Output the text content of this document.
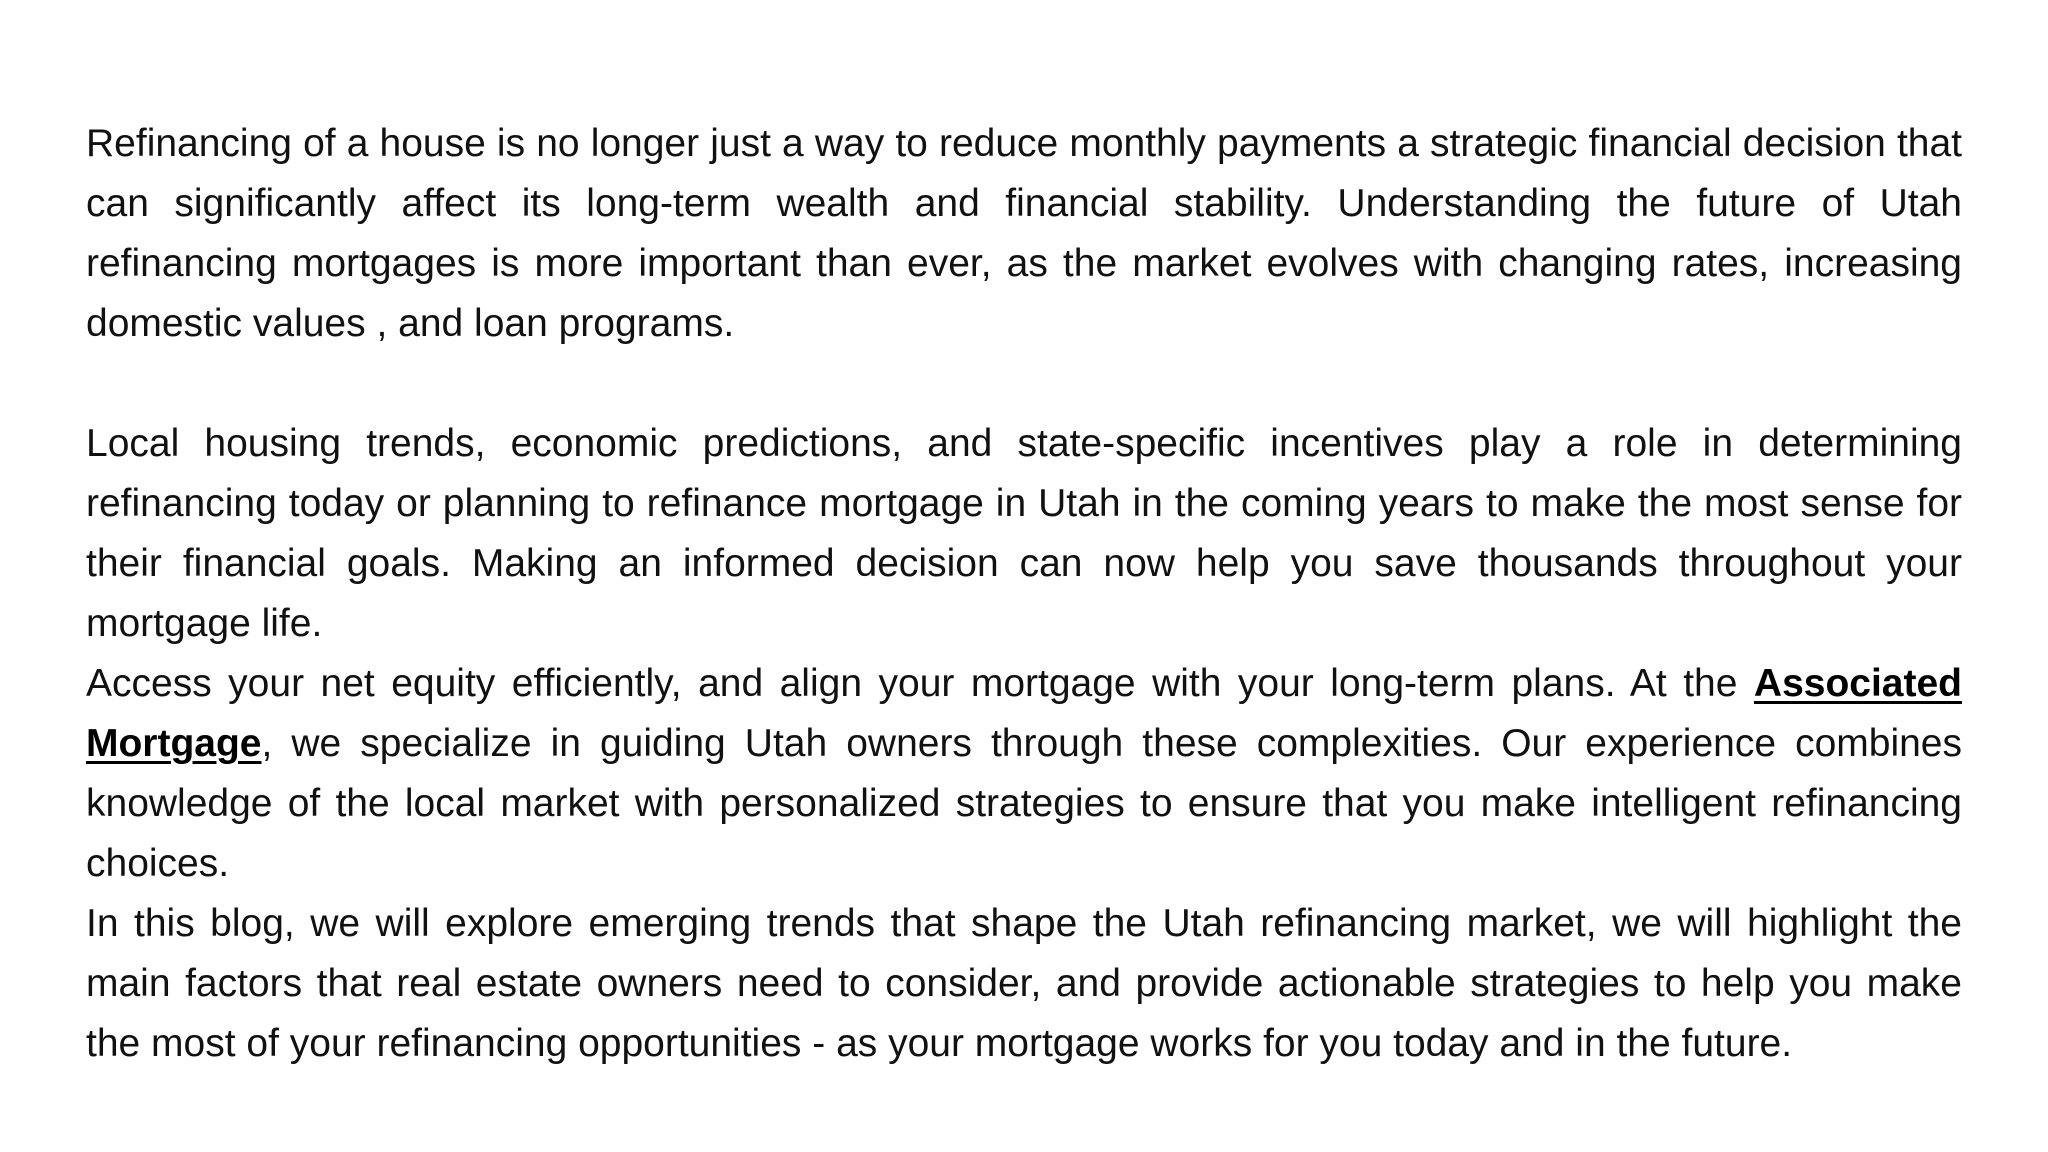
Refinancing of a house is no longer just a way to reduce monthly payments a strategic financial decision that can significantly affect its long-term wealth and financial stability. Understanding the future of Utah refinancing mortgages is more important than ever, as the market evolves with changing rates, increasing domestic values , and loan programs.

Local housing trends, economic predictions, and state-specific incentives play a role in determining refinancing today or planning to refinance mortgage in Utah in the coming years to make the most sense for their financial goals. Making an informed decision can now help you save thousands throughout your mortgage life.

Access your net equity efficiently, and align your mortgage with your long-term plans. At the Associated Mortgage, we specialize in guiding Utah owners through these complexities. Our experience combines knowledge of the local market with personalized strategies to ensure that you make intelligent refinancing choices.

In this blog, we will explore emerging trends that shape the Utah refinancing market, we will highlight the main factors that real estate owners need to consider, and provide actionable strategies to help you make the most of your refinancing opportunities - as your mortgage works for you today and in the future.
